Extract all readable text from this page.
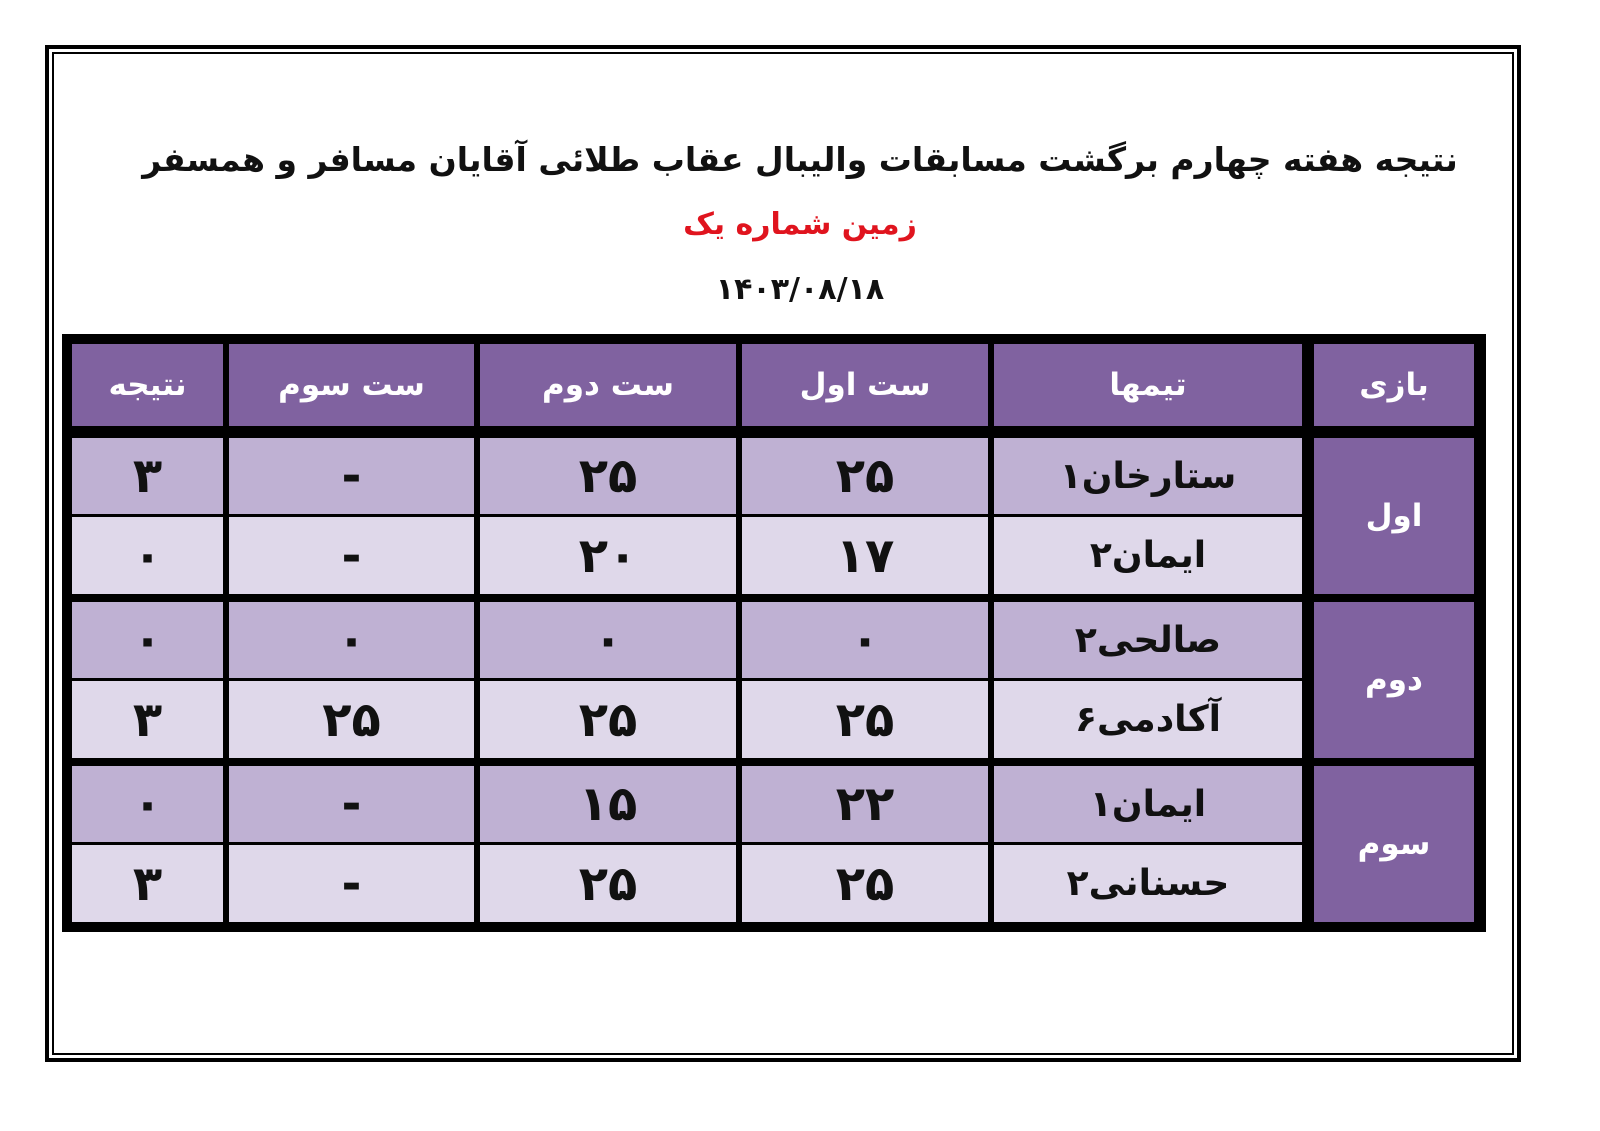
نتیجه هفته چهارم برگشت مسابقات والیبال عقاب طلائی آقایان مسافر و همسفر
زمین شماره یک
۱۴۰۳/۰۸/۱۸
بازی
تیمها
ست اول
ست دوم
ست سوم
نتیجه
اول
ستارخان۱
۲۵
۲۵
-
۳
ایمان۲
۱۷
۲۰
-
۰
دوم
صالحی۲
۰
۰
۰
۰
آکادمی۶
۲۵
۲۵
۲۵
۳
سوم
ایمان۱
۲۲
۱۵
-
۰
حسنانی۲
۲۵
۲۵
-
۳
